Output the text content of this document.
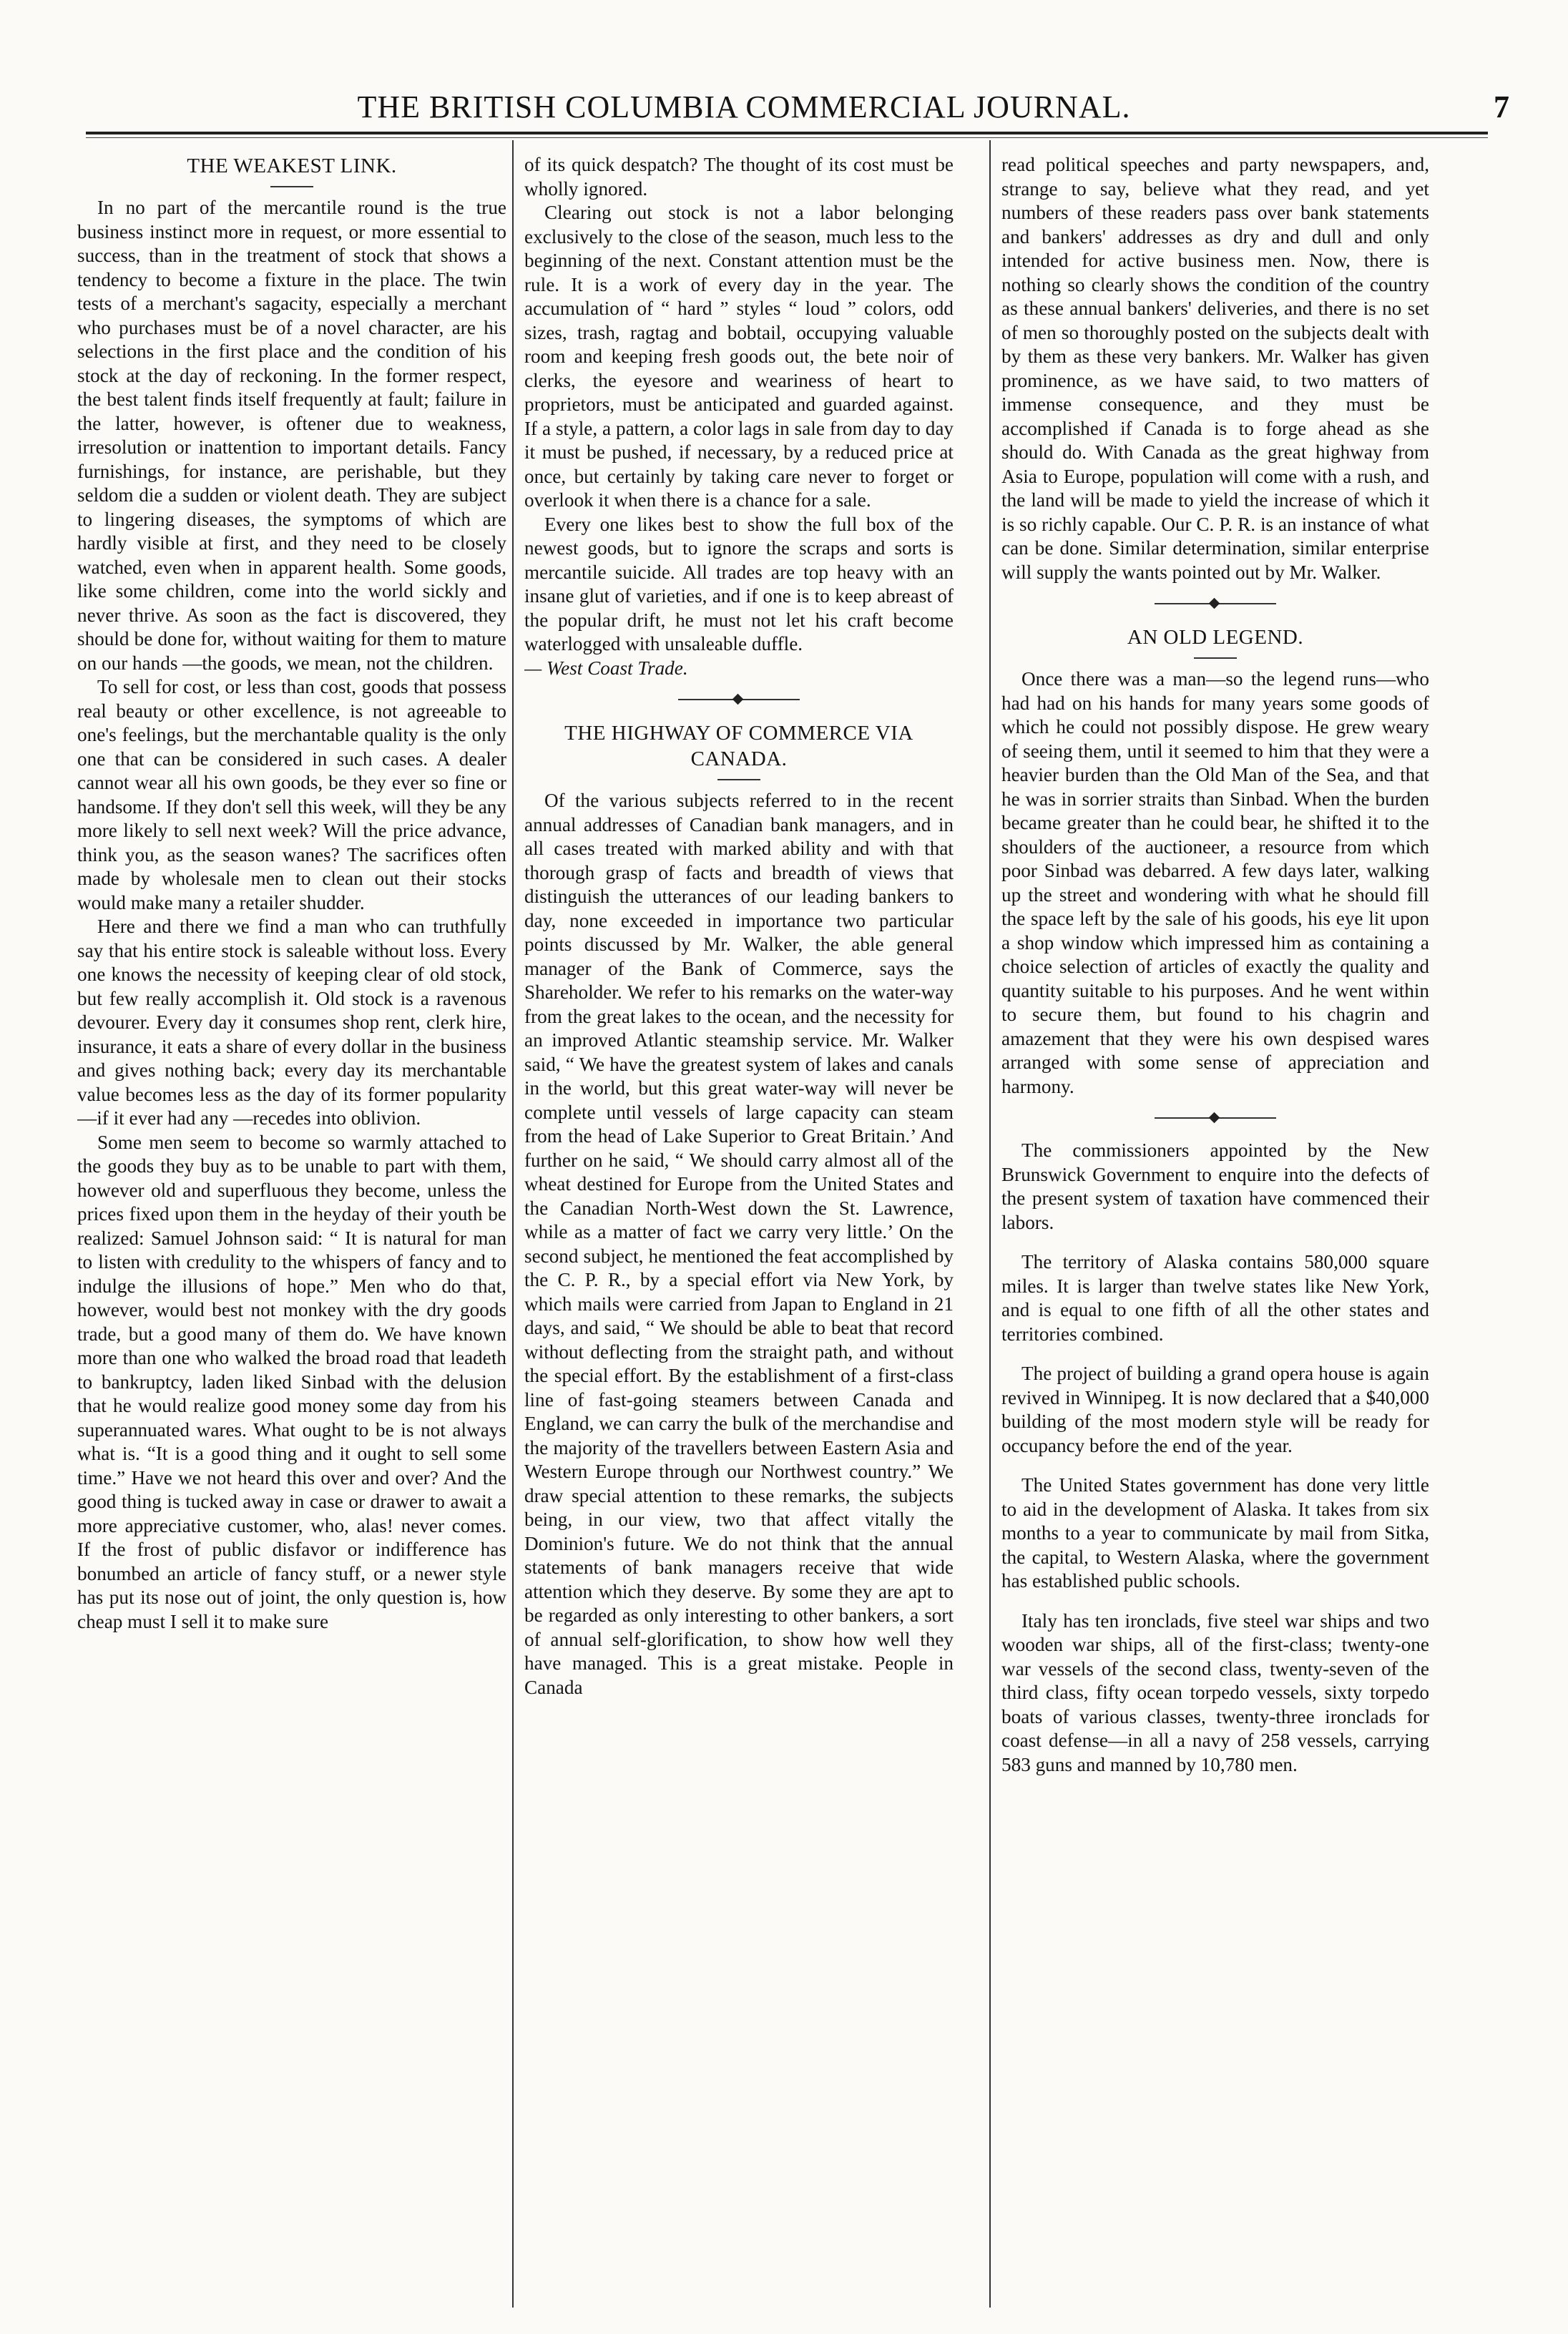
THE BRITISH COLUMBIA COMMERCIAL JOURNAL.	7
THE WEAKEST LINK.

In no part of the mercantile round is the true business instinct more in request, or more essential to success, than in the treatment of stock that shows a tendency to become a fixture in the place. The twin tests of a merchant's sagacity, especially a merchant who purchases must be of a novel character, are his selections in the first place and the condition of his stock at the day of reckoning. In the former respect, the best talent finds itself frequently at fault; failure in the latter, however, is oftener due to weakness, irresolution or inattention to important details. Fancy furnishings, for instance, are perishable, but they seldom die a sudden or violent death. They are subject to lingering diseases, the symptoms of which are hardly visible at first, and they need to be closely watched, even when in apparent health. Some goods, like some children, come into the world sickly and never thrive. As soon as the fact is discovered, they should be done for, without waiting for them to mature on our hands —the goods, we mean, not the children.

To sell for cost, or less than cost, goods that possess real beauty or other excellence, is not agreeable to one's feelings, but the merchantable quality is the only one that can be considered in such cases. A dealer cannot wear all his own goods, be they ever so fine or handsome. If they don't sell this week, will they be any more likely to sell next week? Will the price advance, think you, as the season wanes? The sacrifices often made by wholesale men to clean out their stocks would make many a retailer shudder.

Here and there we find a man who can truthfully say that his entire stock is saleable without loss. Every one knows the necessity of keeping clear of old stock, but few really accomplish it. Old stock is a ravenous devourer. Every day it consumes shop rent, clerk hire, insurance, it eats a share of every dollar in the business and gives nothing back; every day its merchantable value becomes less as the day of its former popularity—if it ever had any —recedes into oblivion.

Some men seem to become so warmly attached to the goods they buy as to be unable to part with them, however old and superfluous they become, unless the prices fixed upon them in the heyday of their youth be realized: Samuel Johnson said: “ It is natural for man to listen with credulity to the whispers of fancy and to indulge the illusions of hope.” Men who do that, however, would best not monkey with the dry goods trade, but a good many of them do. We have known more than one who walked the broad road that leadeth to bankruptcy, laden liked Sinbad with the delusion that he would realize good money some day from his superannuated wares. What ought to be is not always what is. “It is a good thing and it ought to sell some time.” Have we not heard this over and over? And the good thing is tucked away in case or drawer to await a more appreciative customer, who, alas! never comes. If the frost of public disfavor or indifference has bonumbed an article of fancy stuff, or a newer style has put its nose out of joint, the only question is, how cheap must I sell it to make sure

of its quick despatch? The thought of its cost must be wholly ignored.

Clearing out stock is not a labor belonging exclusively to the close of the season, much less to the beginning of the next. Constant attention must be the rule. It is a work of every day in the year. The accumulation of “ hard ” styles “ loud ” colors, odd sizes, trash, ragtag and bobtail, occupying valuable room and keeping fresh goods out, the bete noir of clerks, the eyesore and weariness of heart to proprietors, must be anticipated and guarded against. If a style, a pattern, a color lags in sale from day to day it must be pushed, if necessary, by a reduced price at once, but certainly by taking care never to forget or overlook it when there is a chance for a sale.

Every one likes best to show the full box of the newest goods, but to ignore the scraps and sorts is mercantile suicide. All trades are top heavy with an insane glut of varieties, and if one is to keep abreast of the popular drift, he must not let his craft become waterlogged with unsaleable duffle.

— West Coast Trade.

THE HIGHWAY OF COMMERCE VIA CANADA.

Of the various subjects referred to in the recent annual addresses of Canadian bank managers, and in all cases treated with marked ability and with that thorough grasp of facts and breadth of views that distinguish the utterances of our leading bankers to day, none exceeded in importance two particular points discussed by Mr. Walker, the able general manager of the Bank of Commerce, says the Shareholder. We refer to his remarks on the water-way from the great lakes to the ocean, and the necessity for an improved Atlantic steamship service. Mr. Walker said, “ We have the greatest system of lakes and canals in the world, but this great water-way will never be complete until vessels of large capacity can steam from the head of Lake Superior to Great Britain.’ And further on he said, “ We should carry almost all of the wheat destined for Europe from the United States and the Canadian North-West down the St. Lawrence, while as a matter of fact we carry very little.’ On the second subject, he mentioned the feat accomplished by the C. P. R., by a special effort via New York, by which mails were carried from Japan to England in 21 days, and said, “ We should be able to beat that record without deflecting from the straight path, and without the special effort. By the establishment of a first-class line of fast-going steamers between Canada and England, we can carry the bulk of the merchandise and the majority of the travellers between Eastern Asia and Western Europe through our Northwest country.” We draw special attention to these remarks, the subjects being, in our view, two that affect vitally the Dominion's future. We do not think that the annual statements of bank managers receive that wide attention which they deserve. By some they are apt to be regarded as only interesting to other bankers, a sort of annual self-glorification, to show how well they have managed. This is a great mistake. People in Canada

read political speeches and party newspapers, and, strange to say, believe what they read, and yet numbers of these readers pass over bank statements and bankers' addresses as dry and dull and only intended for active business men. Now, there is nothing so clearly shows the condition of the country as these annual bankers' deliveries, and there is no set of men so thoroughly posted on the subjects dealt with by them as these very bankers. Mr. Walker has given prominence, as we have said, to two matters of immense consequence, and they must be accomplished if Canada is to forge ahead as she should do. With Canada as the great highway from Asia to Europe, population will come with a rush, and the land will be made to yield the increase of which it is so richly capable. Our C. P. R. is an instance of what can be done. Similar determination, similar enterprise will supply the wants pointed out by Mr. Walker.

AN OLD LEGEND.

Once there was a man—so the legend runs—who had had on his hands for many years some goods of which he could not possibly dispose. He grew weary of seeing them, until it seemed to him that they were a heavier burden than the Old Man of the Sea, and that he was in sorrier straits than Sinbad. When the burden became greater than he could bear, he shifted it to the shoulders of the auctioneer, a resource from which poor Sinbad was debarred. A few days later, walking up the street and wondering with what he should fill the space left by the sale of his goods, his eye lit upon a shop window which impressed him as containing a choice selection of articles of exactly the quality and quantity suitable to his purposes. And he went within to secure them, but found to his chagrin and amazement that they were his own despised wares arranged with some sense of appreciation and harmony.

The commissioners appointed by the New Brunswick Government to enquire into the defects of the present system of taxation have commenced their labors.

The territory of Alaska contains 580,000 square miles. It is larger than twelve states like New York, and is equal to one fifth of all the other states and territories combined.

The project of building a grand opera house is again revived in Winnipeg. It is now declared that a $40,000 building of the most modern style will be ready for occupancy before the end of the year.

The United States government has done very little to aid in the development of Alaska. It takes from six months to a year to communicate by mail from Sitka, the capital, to Western Alaska, where the government has established public schools.

Italy has ten ironclads, five steel war ships and two wooden war ships, all of the first-class; twenty-one war vessels of the second class, twenty-seven of the third class, fifty ocean torpedo vessels, sixty torpedo boats of various classes, twenty-three ironclads for coast defense—in all a navy of 258 vessels, carrying 583 guns and manned by 10,780 men.
